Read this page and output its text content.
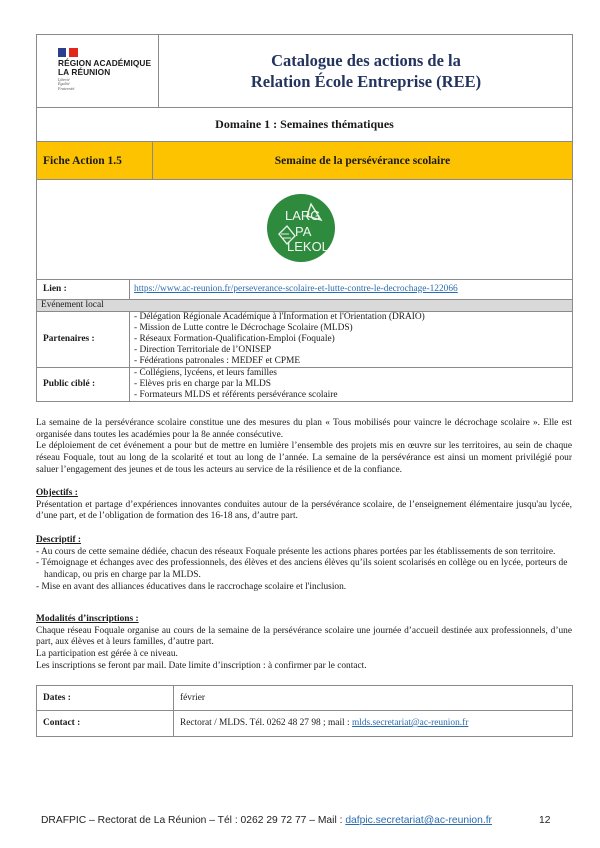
RÉGION ACADÉMIQUE
LA RÉUNION
Liberté
Égalité
Fraternité
Catalogue des actions de la
Relation École Entreprise (REE)
Domaine 1 : Semaines thématiques
Fiche Action 1.5	Semaine de la persévérance scolaire
LARG
PA
LEKOL
Lien :	https://www.ac-reunion.fr/perseverance-scolaire-et-lutte-contre-le-decrochage-122066
Evénement local
Partenaires :
- Délégation Régionale Académique à l'Information et l'Orientation (DRAIO)
- Mission de Lutte contre le Décrochage Scolaire (MLDS)
- Réseaux Formation-Qualification-Emploi (Foquale)
- Direction Territoriale de l’ONISEP
- Fédérations patronales : MEDEF et CPME
Public ciblé :
- Collégiens, lycéens, et leurs familles
- Elèves pris en charge par la MLDS
- Formateurs MLDS et référents persévérance scolaire
La semaine de la persévérance scolaire constitue une des mesures du plan « Tous mobilisés pour vaincre le décrochage scolaire ». Elle est organisée dans toutes les académies pour la 8e année consécutive.
Le déploiement de cet événement a pour but de mettre en lumière l’ensemble des projets mis en œuvre sur les territoires, au sein de chaque réseau Foquale, tout au long de la scolarité et tout au long de l’année. La semaine de la persévérance est ainsi un moment privilégié pour saluer l’engagement des jeunes et de tous les acteurs au service de la résilience et de la confiance.
Objectifs :
Présentation et partage d’expériences innovantes conduites autour de la persévérance scolaire, de l’enseignement élémentaire jusqu'au lycée, d’une part, et de l’obligation de formation des 16-18 ans, d’autre part.
Descriptif :
- Au cours de cette semaine dédiée, chacun des réseaux Foquale présente les actions phares portées par les établissements de son territoire.
- Témoignage et échanges avec des professionnels, des élèves et des anciens élèves qu’ils soient scolarisés en collège ou en lycée, porteurs de handicap, ou pris en charge par la MLDS.
- Mise en avant des alliances éducatives dans le raccrochage scolaire et l'inclusion.
Modalités d’inscriptions :
Chaque réseau Foquale organise au cours de la semaine de la persévérance scolaire une journée d’accueil destinée aux professionnels, d’une part, aux élèves et à leurs familles, d’autre part.
La participation est gérée à ce niveau.
Les inscriptions se feront par mail. Date limite d’inscription : à confirmer par le contact.
Dates :	février
Contact :	Rectorat / MLDS. Tél. 0262 48 27 98 ; mail : mlds.secretariat@ac-reunion.fr
DRAFPIC – Rectorat de La Réunion – Tél : 0262 29 72 77 – Mail : dafpic.secretariat@ac-reunion.fr	12
